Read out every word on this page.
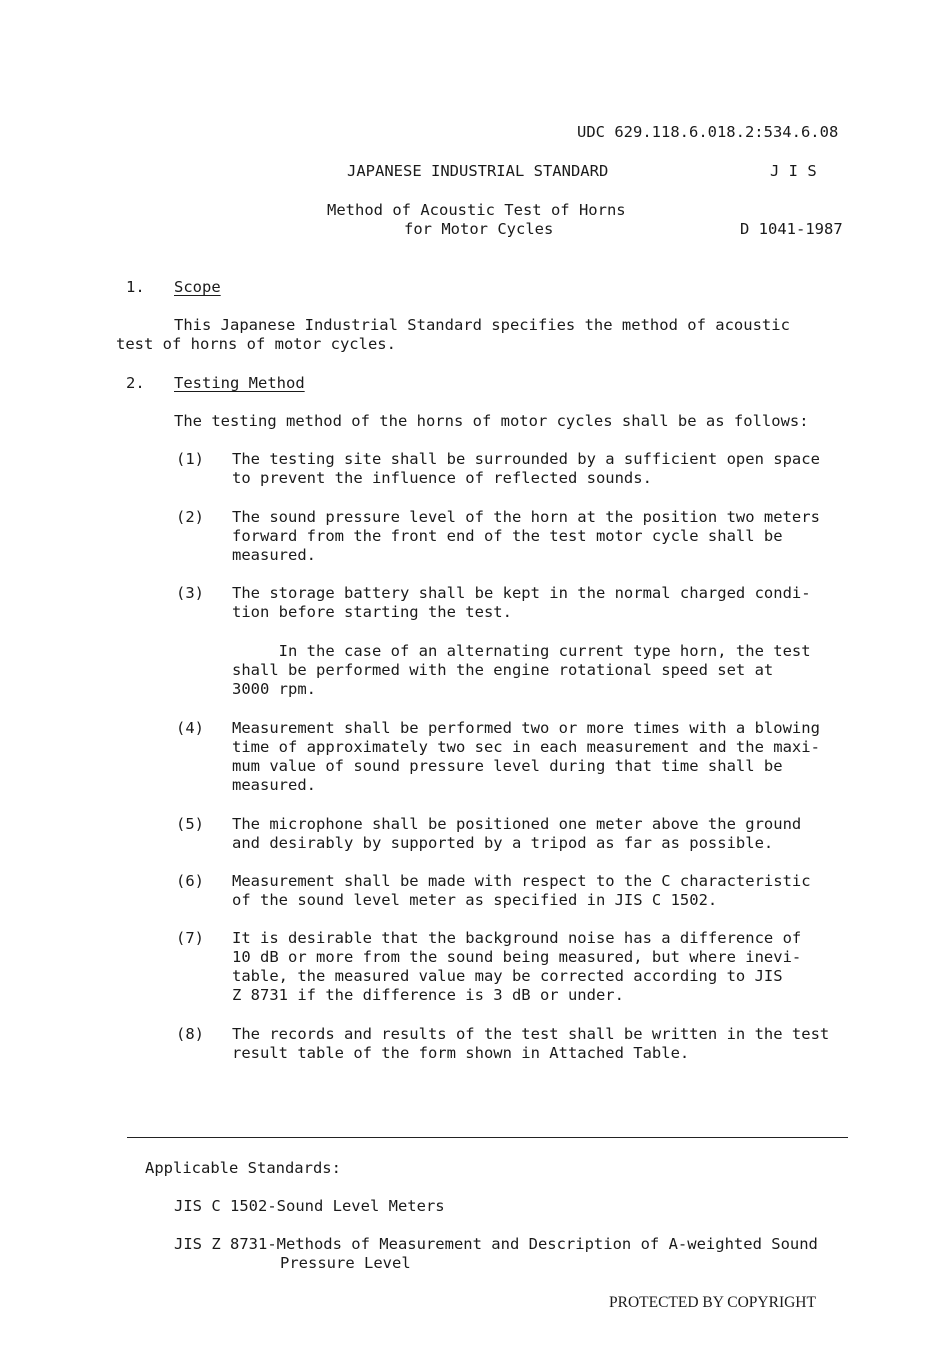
UDC 629.118.6.018.2:534.6.08
JAPANESE INDUSTRIAL STANDARD	J I S
Method of Acoustic Test of Horns
for Motor Cycles	D 1041-1987
1. Scope
This Japanese Industrial Standard specifies the method of acoustic
test of horns of motor cycles.
2. Testing Method
The testing method of the horns of motor cycles shall be as follows:
(1) The testing site shall be surrounded by a sufficient open space
to prevent the influence of reflected sounds.
(2) The sound pressure level of the horn at the position two meters
forward from the front end of the test motor cycle shall be
measured.
(3) The storage battery shall be kept in the normal charged condi-
tion before starting the test.
In the case of an alternating current type horn, the test
shall be performed with the engine rotational speed set at
3000 rpm.
(4) Measurement shall be performed two or more times with a blowing
time of approximately two sec in each measurement and the maxi-
mum value of sound pressure level during that time shall be
measured.
(5) The microphone shall be positioned one meter above the ground
and desirably by supported by a tripod as far as possible.
(6) Measurement shall be made with respect to the C characteristic
of the sound level meter as specified in JIS C 1502.
(7) It is desirable that the background noise has a difference of
10 dB or more from the sound being measured, but where inevi-
table, the measured value may be corrected according to JIS
Z 8731 if the difference is 3 dB or under.
(8) The records and results of the test shall be written in the test
result table of the form shown in Attached Table.
Applicable Standards:
JIS C 1502-Sound Level Meters
JIS Z 8731-Methods of Measurement and Description of A-weighted Sound
Pressure Level
PROTECTED BY COPYRIGHT
